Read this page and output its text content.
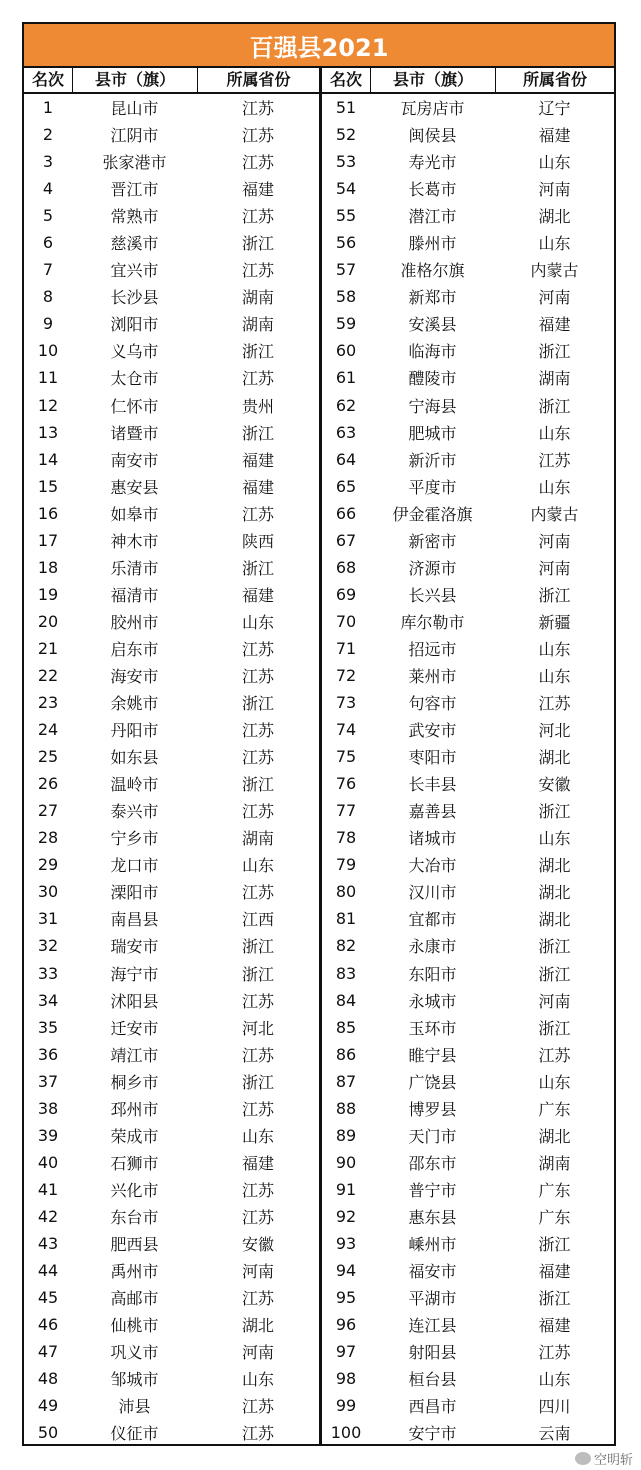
百强县2021
名次	县市（旗）	所属省份
1	昆山市	江苏
2	江阴市	江苏
3	张家港市	江苏
4	晋江市	福建
5	常熟市	江苏
6	慈溪市	浙江
7	宜兴市	江苏
8	长沙县	湖南
9	浏阳市	湖南
10	义乌市	浙江
11	太仓市	江苏
12	仁怀市	贵州
13	诸暨市	浙江
14	南安市	福建
15	惠安县	福建
16	如皋市	江苏
17	神木市	陕西
18	乐清市	浙江
19	福清市	福建
20	胶州市	山东
21	启东市	江苏
22	海安市	江苏
23	余姚市	浙江
24	丹阳市	江苏
25	如东县	江苏
26	温岭市	浙江
27	泰兴市	江苏
28	宁乡市	湖南
29	龙口市	山东
30	溧阳市	江苏
31	南昌县	江西
32	瑞安市	浙江
33	海宁市	浙江
34	沭阳县	江苏
35	迁安市	河北
36	靖江市	江苏
37	桐乡市	浙江
38	邳州市	江苏
39	荣成市	山东
40	石狮市	福建
41	兴化市	江苏
42	东台市	江苏
43	肥西县	安徽
44	禹州市	河南
45	高邮市	江苏
46	仙桃市	湖北
47	巩义市	河南
48	邹城市	山东
49	沛县	江苏
50	仪征市	江苏
名次	县市（旗）	所属省份
51	瓦房店市	辽宁
52	闽侯县	福建
53	寿光市	山东
54	长葛市	河南
55	潜江市	湖北
56	滕州市	山东
57	准格尔旗	内蒙古
58	新郑市	河南
59	安溪县	福建
60	临海市	浙江
61	醴陵市	湖南
62	宁海县	浙江
63	肥城市	山东
64	新沂市	江苏
65	平度市	山东
66	伊金霍洛旗	内蒙古
67	新密市	河南
68	济源市	河南
69	长兴县	浙江
70	库尔勒市	新疆
71	招远市	山东
72	莱州市	山东
73	句容市	江苏
74	武安市	河北
75	枣阳市	湖北
76	长丰县	安徽
77	嘉善县	浙江
78	诸城市	山东
79	大冶市	湖北
80	汉川市	湖北
81	宜都市	湖北
82	永康市	浙江
83	东阳市	浙江
84	永城市	河南
85	玉环市	浙江
86	睢宁县	江苏
87	广饶县	山东
88	博罗县	广东
89	天门市	湖北
90	邵东市	湖南
91	普宁市	广东
92	惠东县	广东
93	嵊州市	浙江
94	福安市	福建
95	平湖市	浙江
96	连江县	福建
97	射阳县	江苏
98	桓台县	山东
99	西昌市	四川
100	安宁市	云南
空明斩
